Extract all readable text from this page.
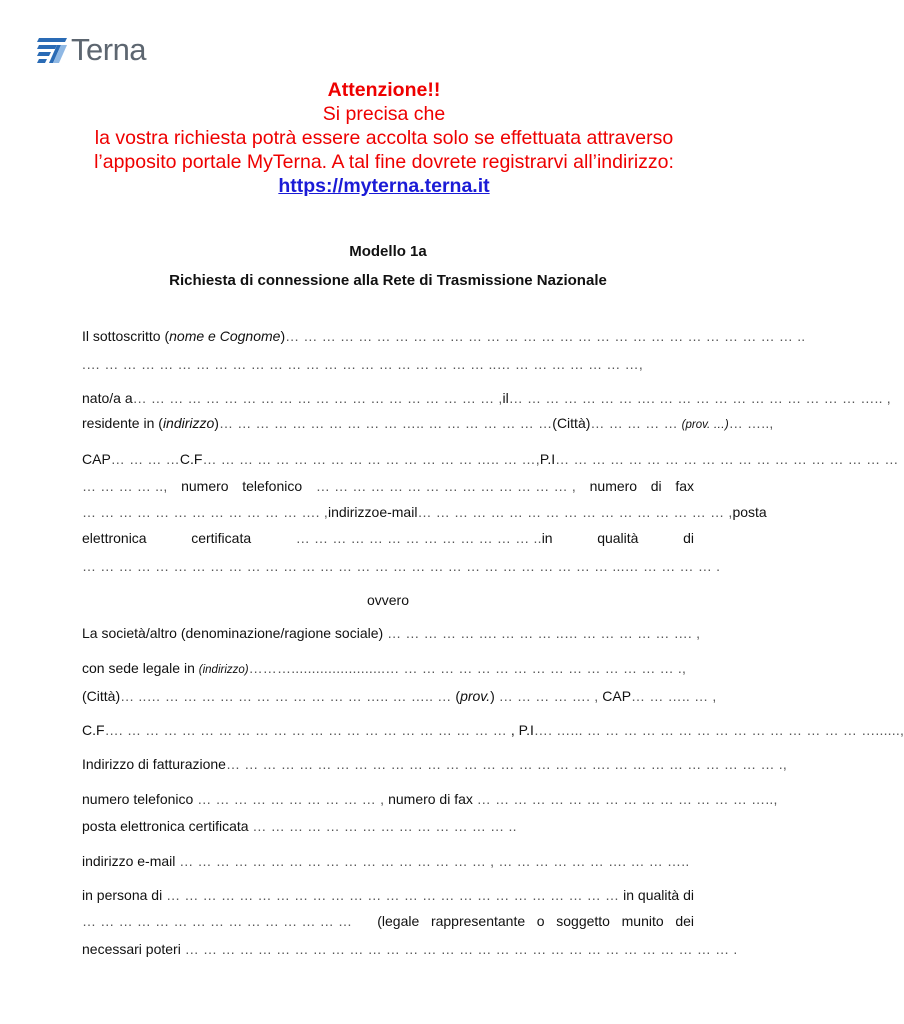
Terna
Attenzione!!
Si precisa che
la vostra richiesta potrà essere accolta solo se effettuata attraverso
l’apposito portale MyTerna. A tal fine dovrete registrarvi all’indirizzo:
https://myterna.terna.it
Modello 1a
Richiesta di connessione alla Rete di Trasmissione Nazionale
Il sottoscritto (nome e Cognome)… … … … … … … … … … … … … … … … … … … … … … … … … … … … ..
.… … … … … … … … … … … … … … … … … … … … … … ..… … … … … … … …,
nato/a a … … … … … … … … … … … … … … … … … … … … , il … … … … … … … …. … … … … … … … … … … … ….. ,
residente in (indirizzo)… … … … … … … … … … ….. … … … … … … …(Città)… … … … … (prov. …)… …..,
CAP… … … …C.F… … … … … … … … … … … … … … … ….. … …,P.I… … … … … … … … … … … … … … … … … … …
… … … … .., numero telefonico … … … … … … … … … … … … … … , numero di fax
… … … … … … … … … … … … …. , indirizzo e-mail … … … … … … … … … … … … … … … … … , posta
elettronica	certificata	… … … … … … … … … … … … … ..in	qualità	di
… … … … … … … … … … … … … … … … … … … … … … … … … … … … … ...… … … … … .
ovvero
La società/altro (denominazione/ragione sociale) … … … … … …. … … … ..… … … … … … …. ,
con sede legale in (indirizzo)……….......................… … … … … … … … … … … … … … … … .,
(Città)… ..… … … … … … … … … … … … ….. … ….. … (prov.) … … … … …. , CAP… … ….. … ,
C.F…. … … … … … … … … … … … … … … … … … … … … … , P.I…. …... … … … … … … … … … … … … … … … …......,
Indirizzo di fatturazione… … … … … … … … … … … … … … … … … … … … …. … … … … … … … … … .,
numero telefonico … … … … … … … … … … , numero di fax … … … … … … … … … … … … … … … …..,
posta elettronica certificata … … … … … … … … … … … … … … ..
indirizzo e-mail … … … … … … … … … … … … … … … … … , … … … … … … …. … … …..
in persona di … … … … … … … … … … … … … … … … … … … … … … … … … in qualità di
… … … … … … … … … … … … … … … (legale   rappresentante   o   soggetto   munito   dei
necessari poteri … … … … … … … … … … … … … … … … … … … … … … … … … … … … … … .
